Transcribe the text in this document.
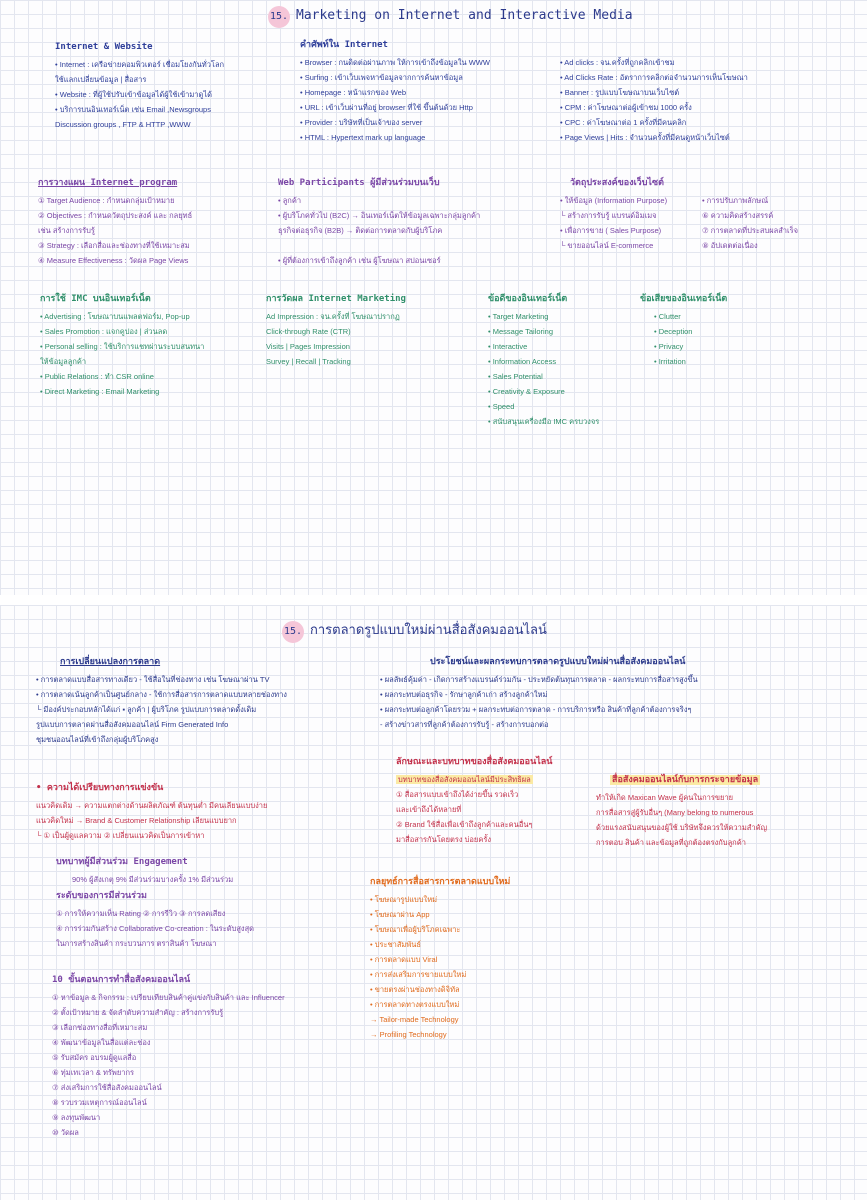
15. Marketing on Internet and Interactive Media
Internet & Website
• Internet : เครือข่ายคอมพิวเตอร์ เชื่อมโยงกันทั่วโลก
ใช้แลกเปลี่ยนข้อมูล | สื่อสาร
• Website : ที่ผู้ใช้ปรับเข้าข้อมูลได้ผู้ใช้เข้ามาดูได้
• บริการบนอินเทอร์เน็ต เช่น Email ,Newsgroups
Discussion groups , FTP & HTTP ,WWW
คำศัพท์ใน Internet
• Browser : กนดิดต่อผ่านภาพ ให้การเข้าถึงข้อมูลใน WWW
• Surfing : เข้าเว็บเพจหาข้อมูลจากการค้นหาข้อมูล
• Homepage : หน้าแรกของ Web
• URL : เข้าเว็บผ่านที่อยู่ browser ที่ใช้ ขึ้นต้นด้วย Http
• Provider : บริษัทที่เป็นเจ้าของ server
• HTML : Hypertext mark up language
• Ad clicks : จน.ครั้งที่ถูกคลิกเข้าชม
• Ad Clicks Rate : อัตราการคลิกต่อจำนวนการเห็นโฆษณา
• Banner : รูปแบบโฆษณาบนเว็บไซต์
• CPM : ค่าโฆษณาต่อผู้เข้าชม 1000 ครั้ง
• CPC : ค่าโฆษณาต่อ 1 ครั้งที่มีคนคลิก
• Page Views | Hits : จำนวนครั้งที่มีคนดูหน้าเว็บไซต์
การวางแผน Internet program
① Target Audience : กำหนดกลุ่มเป้าหมาย
② Objectives : กำหนดวัตถุประสงค์ และ กลยุทธ์
เช่น สร้างการรับรู้
③ Strategy : เลือกสื่อและช่องทางที่ใช้เหมาะสม
④ Measure Effectiveness : วัดผล Page Views
Web Participants ผู้มีส่วนร่วมบนเว็บ
• ลูกค้า
• ผู้บริโภคทั่วไป (B2C) → อินเทอร์เน็ตให้ข้อมูลเฉพาะกลุ่มลูกค้า
ธุรกิจต่อธุรกิจ (B2B) → ติดต่อการตลาดกับผู้บริโภค

• ผู้ที่ต้องการเข้าถึงลูกค้า เช่น ผู้โฆษณา สปอนเซอร์
วัตถุประสงค์ของเว็บไซต์
• ให้ข้อมูล (Information Purpose)
└ สร้างการรับรู้ แบรนด์อิมเมจ
• เพื่อการขาย ( Sales Purpose)
└ ขายออนไลน์ E-commerce
• การปรับภาพลักษณ์
⑥ ความคิดสร้างสรรค์
⑦ การตลาดที่ประสบผลสำเร็จ
⑧ อัปเดตต่อเนื่อง
การใช้ IMC บนอินเทอร์เน็ต
• Advertising : โฆษณาบนแพลตฟอร์ม, Pop-up
• Sales Promotion : แจกคูปอง | ส่วนลด
• Personal selling : ใช้บริการแชทผ่านระบบสนทนา
ให้ข้อมูลลูกค้า
• Public Relations : ทำ CSR online
• Direct Marketing : Email Marketing
การวัดผล Internet Marketing
Ad Impression : จน.ครั้งที่ โฆษณาปรากฏ
Click-through Rate (CTR)
Visits | Pages Impression
Survey | Recall | Tracking
ข้อดีของอินเทอร์เน็ต
• Target Marketing
• Message Tailoring
• Interactive
• Information Access
• Sales Potential
• Creativity & Exposure
• Speed
• สนับสนุนเครื่องมือ IMC ครบวงจร
ข้อเสียของอินเทอร์เน็ต
• Clutter
• Deception
• Privacy
• Irritation
15. การตลาดรูปแบบใหม่ผ่านสื่อสังคมออนไลน์
การเปลี่ยนแปลงการตลาด
• การตลาดแบบสื่อสารทางเดียว - ใช้สื่อในที่ช่องทาง เช่น โฆษณาผ่าน TV
• การตลาดเน้นลูกค้าเป็นศูนย์กลาง - ใช้การสื่อสารการตลาดแบบหลายช่องทาง
└ มีองค์ประกอบหลักได้แก่ ▪ ลูกค้า | ผู้บริโภค รูปแบบการตลาดดั้งเดิม
รูปแบบการตลาดผ่านสื่อสังคมออนไลน์ Firm Generated Info
ชุมชนออนไลน์ที่เข้าถึงกลุ่มผู้บริโภคสูง
• ความได้เปรียบทางการแข่งขัน
แนวคิดเดิม → ความแตกต่างด้านผลิตภัณฑ์ ต้นทุนต่ำ มีคนเลียนแบบง่าย
แนวคิดใหม่ → Brand & Customer Relationship เลียนแบบยาก
└ ① เป็นผู้ดูแลความ ② เปลี่ยนแนวคิดเป็นการเข้าหา
บทบาทผู้มีส่วนร่วม Engagement
90% ผู้สังเกตุ 9% มีส่วนร่วมบางครั้ง 1% มีส่วนร่วม
ระดับของการมีส่วนร่วม
① การให้ความเห็น Rating ② การรีวิว ③ การลดเสียง
④ การร่วมกันสร้าง Collaborative Co-creation : ในระดับสูงสุด
ในการสร้างสินค้า กระบวนการ ตราสินค้า โฆษณา
10 ขั้นตอนการทำสื่อสังคมออนไลน์
① หาข้อมูล & กิจกรรม : เปรียบเทียบสินค้าคู่แข่งกับสินค้า และ Influencer
② ตั้งเป้าหมาย & จัดลำดับความสำคัญ : สร้างการรับรู้
③ เลือกช่องทางสื่อที่เหมาะสม
④ พัฒนาข้อมูลในสื่อแต่ละช่อง
⑤ รับสมัคร อบรมผู้ดูแลสื่อ
⑥ ทุ่มเทเวลา & ทรัพยากร
⑦ ส่งเสริมการใช้สื่อสังคมออนไลน์
⑧ รวบรวมเหตุการณ์ออนไลน์
⑨ ลงทุนพัฒนา
⑩ วัดผล
ประโยชน์และผลกระทบการตลาดรูปแบบใหม่ผ่านสื่อสังคมออนไลน์
• ผลลัพธ์คุ้มค่า - เกิดการสร้างแบรนด์ร่วมกัน - ประหยัดต้นทุนการตลาด - ผลกระทบการสื่อสารสูงขึ้น
• ผลกระทบต่อธุรกิจ - รักษาลูกค้าเก่า สร้างลูกค้าใหม่
• ผลกระทบต่อลูกค้าโดยรวม + ผลกระทบต่อการตลาด - การบริการหรือ สินค้าที่ลูกค้าต้องการจริงๆ
- สร้างข่าวสารที่ลูกค้าต้องการรับรู้ - สร้างการบอกต่อ
ลักษณะและบทบาทของสื่อสังคมออนไลน์
บทบาทของสื่อสังคมออนไลน์มีประสิทธิผล
① สื่อสารแบบเข้าถึงได้ง่ายขึ้น รวดเร็ว
และเข้าถึงได้หลายที่
② Brand ใช้สื่อเพื่อเข้าถึงลูกค้าและคนอื่นๆ
มาสื่อสารกันโดยตรง บ่อยครั้ง
สื่อสังคมออนไลน์กับการกระจายข้อมูล
ทำให้เกิด Maxican Wave ผู้คนในการขยาย
การสื่อสารสู่ผู้รับอื่นๆ (Many belong to numerous
ด้วยแรงสนับสนุนของผู้ใช้ บริษัทจึงควรให้ความสำคัญ
การตอบ สินค้า และข้อมูลที่ถูกต้องตรงกับลูกค้า
กลยุทธ์การสื่อสารการตลาดแบบใหม่
• โฆษณารูปแบบใหม่
• โฆษณาผ่าน App
• โฆษณาเพื่อผู้บริโภคเฉพาะ
• ประชาสัมพันธ์
• การตลาดแบบ Viral
• การส่งเสริมการขายแบบใหม่
• ขายตรงผ่านช่องทางดิจิทัล
• การตลาดทางตรงแบบใหม่
→ Tailor-made Technology
→ Profiling Technology
